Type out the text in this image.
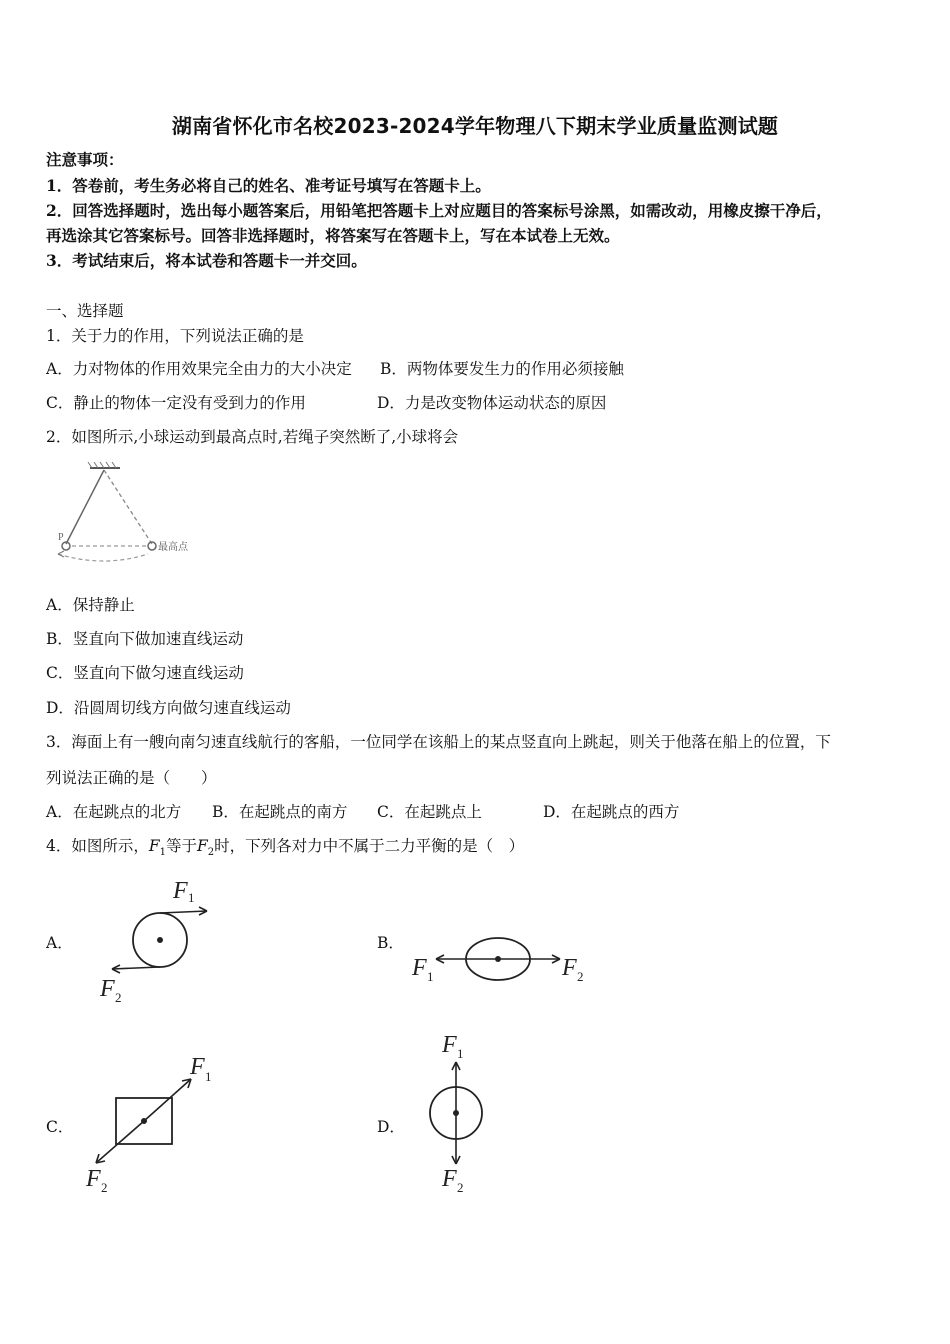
湖南省怀化市名校2023-2024学年物理八下期末学业质量监测试题
注意事项：
1．答卷前，考生务必将自己的姓名、准考证号填写在答题卡上。
2．回答选择题时，选出每小题答案后，用铅笔把答题卡上对应题目的答案标号涂黑，如需改动，用橡皮擦干净后，
再选涂其它答案标号。回答非选择题时，将答案写在答题卡上，写在本试卷上无效。
3．考试结束后，将本试卷和答题卡一并交回。
一、选择题
1．关于力的作用，下列说法正确的是
A．力对物体的作用效果完全由力的大小决定 B．两物体要发生力的作用必须接触
C．静止的物体一定没有受到力的作用	D．力是改变物体运动状态的原因
2．如图所示,小球运动到最高点时,若绳子突然断了,小球将会
P
最高点
A．保持静止
B．竖直向下做加速直线运动
C．竖直向下做匀速直线运动
D．沿圆周切线方向做匀速直线运动
3．海面上有一艘向南匀速直线航行的客船，一位同学在该船上的某点竖直向上跳起，则关于他落在船上的位置，下
列说法正确的是（　　）
A．在起跳点的北方 B．在起跳点的南方 C．在起跳点上	D．在起跳点的西方
4．如图所示，$F_1$等于$F_2$时，下列各对力中不属于二力平衡的是（　）
A．	B．
C．	D．
F 1
F 2
F 1	F 2
F 1
F 2
F 1
F 2
